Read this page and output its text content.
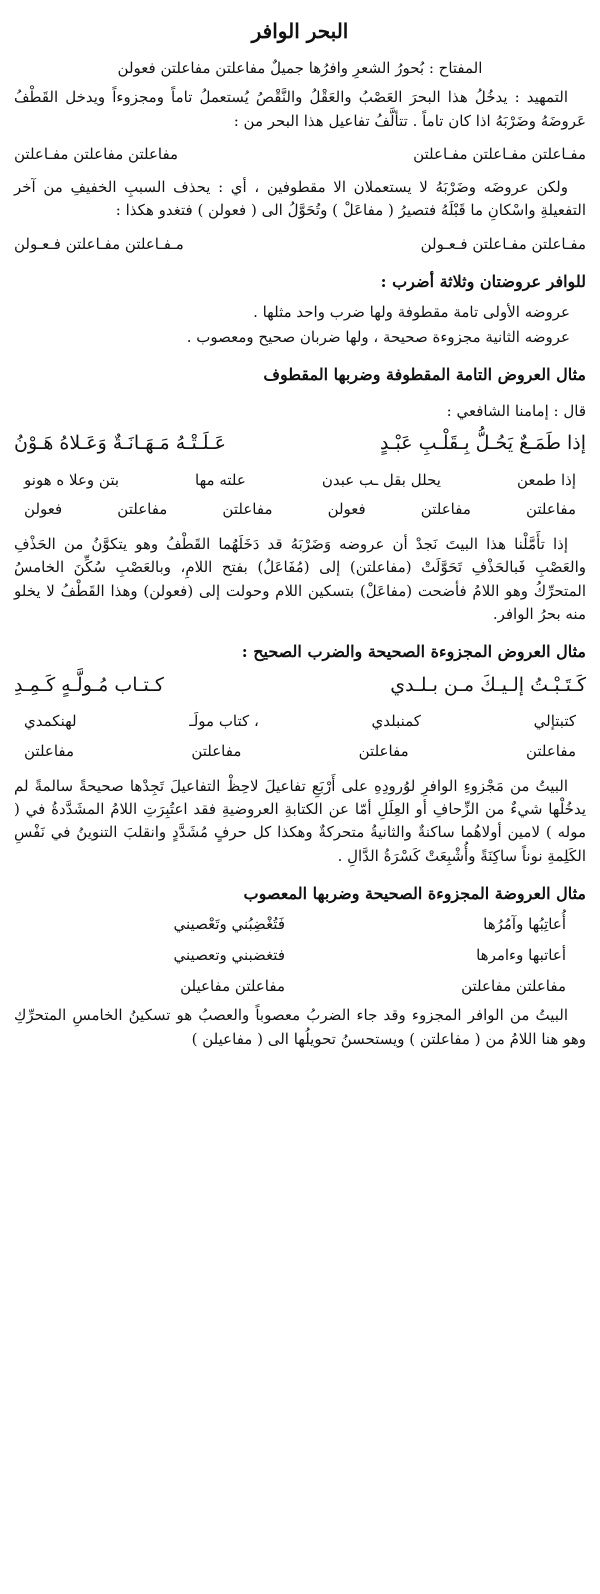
البحر الوافر

المفتاح : بُحورُ الشعرِ وافرُها جميلٌ مفاعلتن مفاعلتن فعولن

التمهيد : يدخُلُ هذا البحرَ العَصْبُ والعَقْلُ والنَّقْصُ يُستعملُ تاماً ومجزوءاً ويدخل القَطْفُ عَروضَهُ وضَرْبَهُ اذا كان تاماً . تتألَّفُ تفاعيل هذا البحر من :

مفـاعلتن مفـاعلتن مفـاعلتن
مفاعلتن مفاعلتن مفـاعلتن

ولكن عروضَه وضَرْبَهُ لا يستعملان الا مقطوفين ، أي : يحذف السببِ الخفيفِ من آخر التفعيلةِ واسْكانِ ما قَبْلَهُ فتصيرُ ( مفاعَلْ ) وتُحَوَّلُ الى ( فعولن ) فتغدو هكذا :

مفـاعلتن مفـاعلتن فـعـولن
مـفـاعلتن مفـاعلتن فـعـولن
للوافر عروضتان وثلاثة أضرب :

عروضه الأولى تامة مقطوفة ولها ضرب واحد مثلها .

عروضه الثانية مجزوءة صحيحة ، ولها ضربان صحيح ومعصوب .

مثال العروض التامة المقطوفة وضربها المقطوف
قال : إمامنا الشافعي :
إذا طَمَـعٌ يَحُـلُّ بِـقَلْـبِ عَبْـدٍ
عَـلَـتْـهُ مَـهَـانَـةٌ وَعَـلاهُ هَـوْنُ
إذا طمعن
يحلل بقل ـب عبدن
علته مها
بتن وعلا ه هونو
مفاعلتن
مفاعلتن
فعولن
مفاعلتن
مفاعلتن
فعولن

إذا تأَمَّلْنا هذا البيتَ نَجدْ أن عروضه وَضَرْبَهُ قد دَخَلَهُما القَطْفُ وهو يتكوَّنُ من الحَذْفِ والعَصْبِ فَبالحَذْفِ تَحَوَّلَتْ (مفاعلتن) إلى (مُفَاعَلُ) بفتح اللامِ، وبالعَصْبِ سُكِّنَ الخامسُ المتحرِّكُ وهو اللامُ فأضحت (مفاعَلْ) بتسكين اللام وحولت إلى (فعولن) وهذا القَطْفُ لا يخلو منه بحرُ الوافر.

مثال العروض المجزوءة الصحيحة والضرب الصحيح :
كَـتَـبْـتُ إلـيـكَ مـن بـلـدي
كـتـاب مُـولَّـهٍ كَـمِـدِ
كتبتإلي
كمنبلدي
، كتاب مولَـ
لهنكمدي
مفاعلتن
مفاعلتن
مفاعلتن
مفاعلتن

البيتُ من مَجْزوءِ الوافرِ لوُرودِهِ على أَرْبَعِ تفاعيلَ لاحِظْ التفاعيلَ تَجِدْها صحيحةً سالمةً لم يدخُلْها شيءٌ من الزِّحافِ أو العِلَلِ أمّا عن الكتابةِ العروضيةِ فقد اعتُبِرَتِ اللامُ المشَدَّدةُ في ( موله ) لامين أولاهُما ساكنةٌ والثانيةُ متحركةٌ وهكذا كل حرفٍ مُشَدَّدٍ وانقلبَ التنوينُ في نَفْسِ الكَلِمةِ نوناً ساكِنَةً وأُشْبِعَتْ كَسْرَةُ الدَّالِ .

مثال العروضة المجزوءة الصحيحة وضربها المعصوب
أُعاتِبُها وآمُرُها
فَتُغْضِبُني وتَعْصيني
أعاتبها وءامرها
فتغضبني وتعصيني
مفاعلتن مفاعلتن
مفاعلتن مفاعيلن

البيتُ من الوافر المجزوء وقد جاء الضربُ معصوباً والعصبُ هو تسكينُ الخامسِ المتحرِّكِ وهو هنا اللامُ من ( مفاعلتن ) ويستحسنُ تحويلُها الى ( مفاعيلن )
